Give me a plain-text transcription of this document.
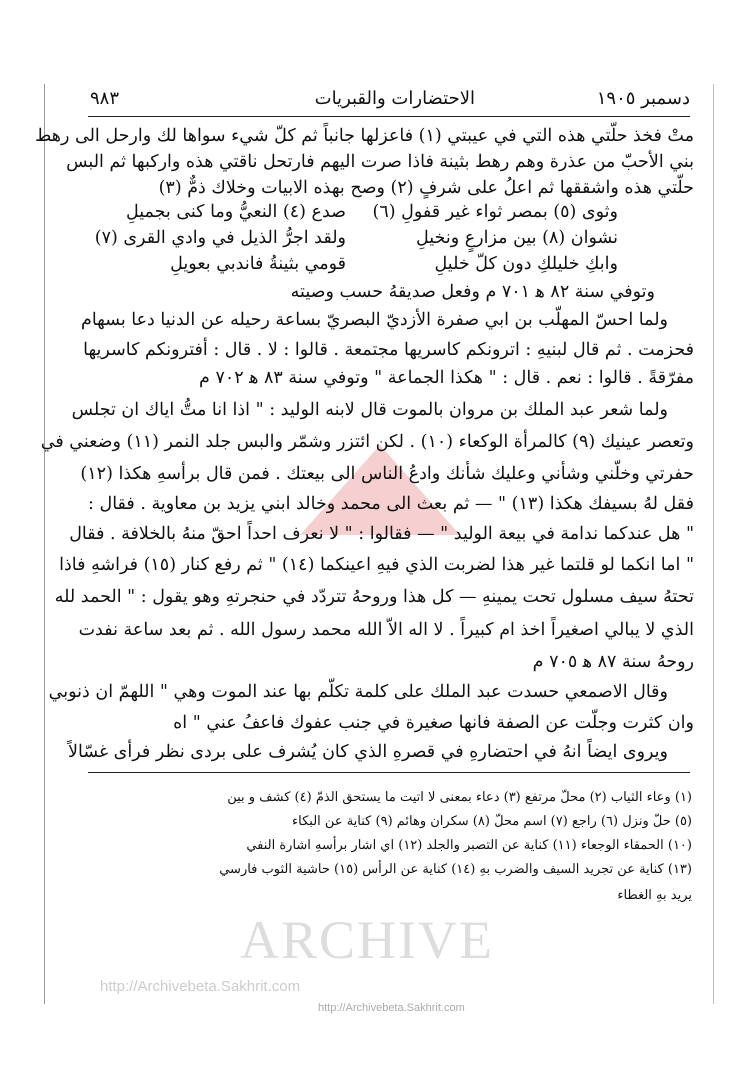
دسمبر ١٩٠٥
الاحتضارات والقبريات
٩٨٣
متْ فخذ حلّتي هذه التي في عيبتي (١) فاعزلها جانباً ثم كلّ شيء سواها لك وارحل الى رهط
بني الأحبّ من عذرة وهم رهط بثينة فاذا صرت اليهم فارتحل ناقتي هذه واركبها ثم البس
حلّتي هذه واشققها ثم اعلُ على شرفٍ (٢) وصح بهذه الابيات وخلاك ذمٌّ (٣)
صدع (٤) النعيُّ وما كنى بجميلِ وثوى (٥) بمصر ثواء غير قفولِ (٦)
ولقد اجرُّ الذيل في وادي القرى (٧)	نشوان (٨) بين مزارعٍ ونخيلِ
قومي بثينةُ فاندبي بعويلِ	وابكِ خليلكِ دون كلّ خليلِ
وتوفي سنة ٨٢ ﻫ ٧٠١ م وفعل صديقهُ حسب وصيته
ولما احسّ المهلّب بن ابي صفرة الأزديّ البصريّ بساعة رحيله عن الدنيا دعا بسهام
فحزمت . ثم قال لبنيهِ : اترونكم كاسريها مجتمعة . قالوا : لا . قال : أفترونكم كاسريها
مفرّقةً . قالوا : نعم . قال : " هكذا الجماعة " وتوفي سنة ٨٣ ﻫ ٧٠٢ م
ولما شعر عبد الملك بن مروان بالموت قال لابنه الوليد : " اذا انا متُّ اياك ان تجلس
وتعصر عينيك (٩) كالمرأة الوكعاء (١٠) . لكن ائتزر وشمّر والبس جلد النمر (١١) وضعني في
حفرتي وخلّني وشأني وعليك شأنك وادعُ الناس الى بيعتك . فمن قال برأسهِ هكذا (١٢)
فقل لهُ بسيفك هكذا (١٣) " — ثم بعث الى محمد وخالد ابني يزيد بن معاوية . فقال :
" هل عندكما ندامة في بيعة الوليد " — فقالوا : " لا نعرف احداً احقّ منهُ بالخلافة . فقال
" اما انكما لو قلتما غير هذا لضربت الذي فيهِ اعينكما (١٤) " ثم رفع كنار (١٥) فراشهِ فاذا
تحتهُ سيف مسلول تحت يمينهِ — كل هذا وروحهُ تتردّد في حنجرتهِ وهو يقول : " الحمد لله
الذي لا يبالي اصغيراً اخذ ام كبيراً . لا اله الاّ الله محمد رسول الله . ثم بعد ساعة نفدت
روحهُ سنة ٨٧ ﻫ ٧٠٥ م
وقال الاصمعي حسدت عبد الملك على كلمة تكلّم بها عند الموت وهي " اللهمّ ان ذنوبي
وان كثرت وجلّت عن الصفة فانها صغيرة في جنب عفوك فاعفُ عني " اه
ويروى ايضاً انهُ في احتضارهِ في قصرهِ الذي كان يُشرف على بردى نظر فرأى غسّالاً
(١) وعاء الثياب (٢) محلّ مرتفع (٣) دعاء بمعنى لا اتيت ما يستحق الذمّ (٤) كشف و بين
(٥) حلّ ونزل (٦) راجع (٧) اسم محلّ (٨) سكران وهائم (٩) كناية عن البكاء
(١٠) الحمقاء الوجعاء (١١) كناية عن التصبر والجلد (١٢) اي اشار برأسهِ اشارة النفي
(١٣) كناية عن تجريد السيف والضرب بهِ (١٤) كناية عن الرأس (١٥) حاشية الثوب فارسي
يريد بهِ الغطاء
ARCHIVE
http://Archivebeta.Sakhrit.com
http://Archivebeta.Sakhrit.com
